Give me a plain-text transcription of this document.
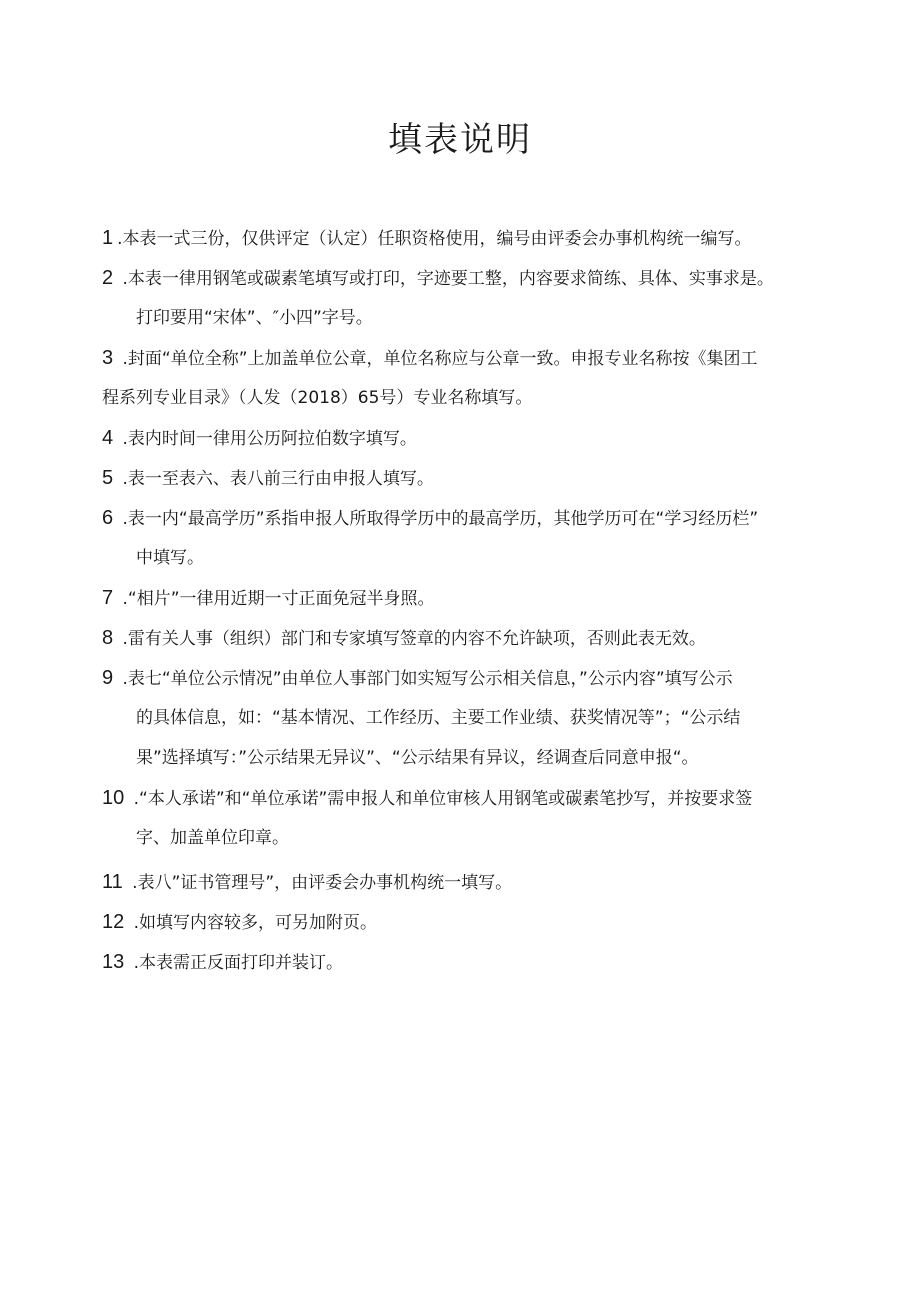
填表说明
1 .本表一式三份，仅供评定（认定）任职资格使用，编号由评委会办事机构统一编写。
2 .本表一律用钢笔或碳素笔填写或打印，字迹要工整，内容要求简练、具体、实事求是。
打印要用“宋体”、″小四”字号。
3 .封面“单位全称”上加盖单位公章，单位名称应与公章一致。申报专业名称按《集团工
程系列专业目录》（人发（2018）65号）专业名称填写。
4 .表内时间一律用公历阿拉伯数字填写。
5 .表一至表六、表八前三行由申报人填写。
6 .表一内“最高学历”系指申报人所取得学历中的最高学历，其他学历可在“学习经历栏”
中填写。
7 .“相片”一律用近期一寸正面免冠半身照。
8 .雷有关人事（组织）部门和专家填写签章的内容不允许缺项，否则此表无效。
9 .表七“单位公示情况”由单位人事部门如实短写公示相关信息，”公示内容”填写公示
的具体信息，如：“基本情况、工作经历、主要工作业绩、获奖情况等”；“公示结
果”选择填写：”公示结果无异议”、“公示结果有异议，经调查后同意申报“。
10 .“本人承诺”和“单位承诺”需申报人和单位审核人用钢笔或碳素笔抄写，并按要求签
字、加盖单位印章。
11 .表八”证书管理号”，由评委会办事机构统一填写。
12 .如填写内容较多，可另加附页。
13 .本表需正反面打印并装订。
